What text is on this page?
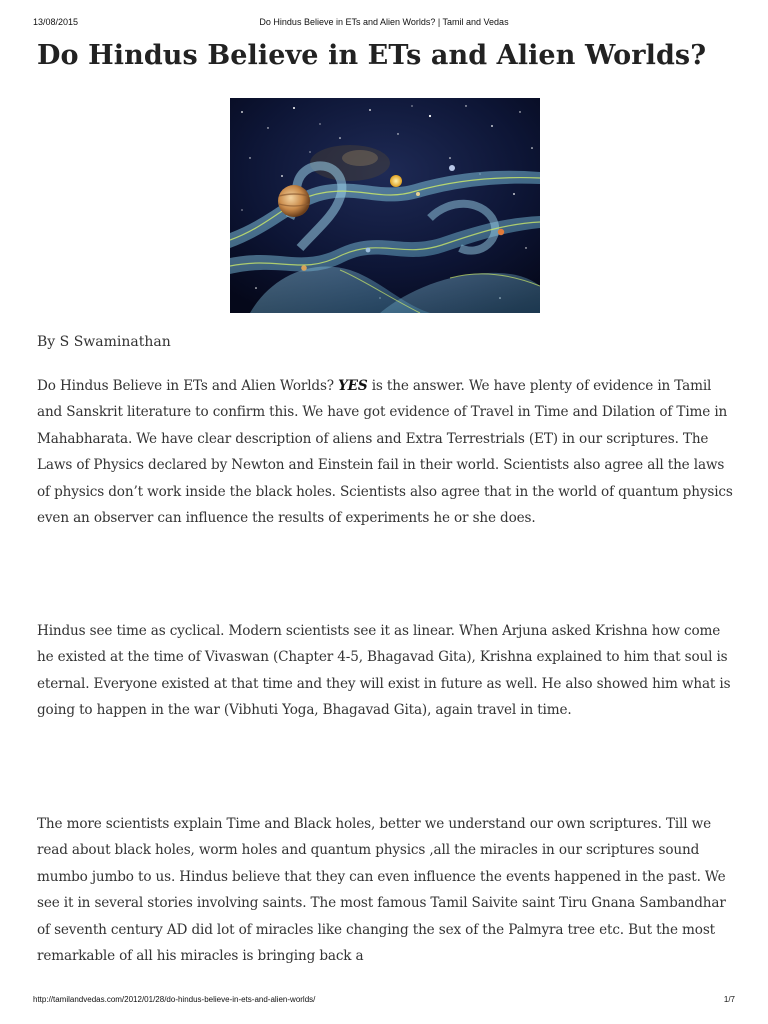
13/08/2015	Do Hindus Believe in ETs and Alien Worlds? | Tamil and Vedas
Do Hindus Believe in ETs and Alien Worlds?
By S Swaminathan

Do Hindus Believe in ETs and Alien Worlds? YES is the answer. We have plenty of evidence in Tamil and Sanskrit literature to confirm this. We have got evidence of Travel in Time and Dilation of Time in Mahabharata. We have clear description of aliens and Extra Terrestrials (ET) in our scriptures. The Laws of Physics declared by Newton and Einstein fail in their world. Scientists also agree all the laws of physics don’t work inside the black holes. Scientists also agree that in the world of quantum physics even an observer can influence the results of experiments he or she does.

Hindus see time as cyclical. Modern scientists see it as linear. When Arjuna asked Krishna how come he existed at the time of Vivaswan (Chapter 4-5, Bhagavad Gita), Krishna explained to him that soul is eternal. Everyone existed at that time and they will exist in future as well. He also showed him what is going to happen in the war (Vibhuti Yoga, Bhagavad Gita), again travel in time.

The more scientists explain Time and Black holes, better we understand our own scriptures. Till we read about black holes, worm holes and quantum physics ,all the miracles in our scriptures sound mumbo jumbo to us. Hindus believe that they can even influence the events happened in the past. We see it in several stories involving saints. The most famous Tamil Saivite saint Tiru Gnana Sambandhar of seventh century AD did lot of miracles like changing the sex of the Palmyra tree etc. But the most remarkable of all his miracles is bringing back a

http://tamilandvedas.com/2012/01/28/do-hindus-believe-in-ets-and-alien-worlds/	1/7
